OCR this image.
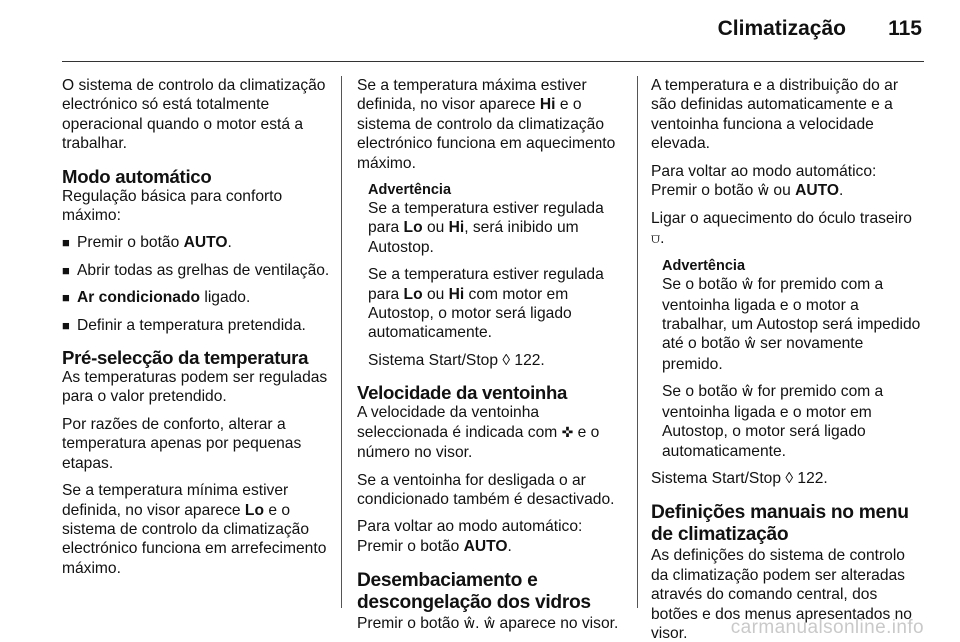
Climatização 115

O sistema de controlo da climatização electrónico só está totalmente operacional quando o motor está a trabalhar.

Modo automático

Regulação básica para conforto máximo:

■ Premir o botão AUTO.
■ Abrir todas as grelhas de ventilação.
■ Ar condicionado ligado.
■ Definir a temperatura pretendida.
Pré-selecção da temperatura

As temperaturas podem ser reguladas para o valor pretendido.

Por razões de conforto, alterar a temperatura apenas por pequenas etapas.

Se a temperatura mínima estiver definida, no visor aparece Lo e o sistema de controlo da climatização electrónico funciona em arrefecimento máximo.

Se a temperatura máxima estiver definida, no visor aparece Hi e o sistema de controlo da climatização electrónico funciona em aquecimento máximo.

Advertência

Se a temperatura estiver regulada para Lo ou Hi, será inibido um Autostop.

Se a temperatura estiver regulada para Lo ou Hi com motor em Autostop, o motor será ligado automaticamente.

Sistema Start/Stop ◊ 122.

Velocidade da ventoinha

A velocidade da ventoinha seleccionada é indicada com ✜ e o número no visor.

Se a ventoinha for desligada o ar condicionado também é desactivado.

Para voltar ao modo automático: Premir o botão AUTO.

Desembaciamento e descongelação dos vidros

Premir o botão ŵ. ŵ aparece no visor.

A temperatura e a distribuição do ar são definidas automaticamente e a ventoinha funciona a velocidade elevada.

Para voltar ao modo automático: Premir o botão ŵ ou AUTO.

Ligar o aquecimento do óculo traseiro ⩌.

Advertência

Se o botão ŵ for premido com a ventoinha ligada e o motor a trabalhar, um Autostop será impedido até o botão ŵ ser novamente premido.

Se o botão ŵ for premido com a ventoinha ligada e o motor em Autostop, o motor será ligado automaticamente.

Sistema Start/Stop ◊ 122.

Definições manuais no menu de climatização

As definições do sistema de controlo da climatização podem ser alteradas através do comando central, dos botões e dos menus apresentados no visor.	carmanualsonline.info
